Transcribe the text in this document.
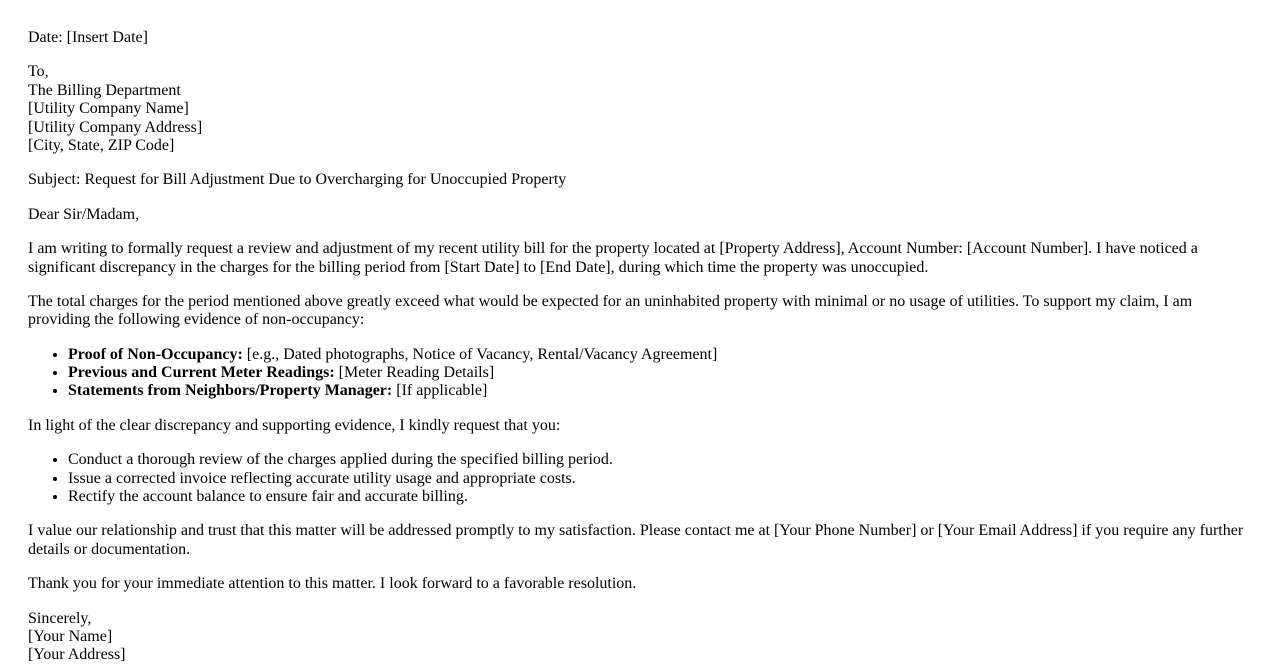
Date: [Insert Date]

To,
The Billing Department
[Utility Company Name]
[Utility Company Address]
[City, State, ZIP Code]

Subject: Request for Bill Adjustment Due to Overcharging for Unoccupied Property

Dear Sir/Madam,

I am writing to formally request a review and adjustment of my recent utility bill for the property located at [Property Address], Account Number: [Account Number]. I have noticed a significant discrepancy in the charges for the billing period from [Start Date] to [End Date], during which time the property was unoccupied.

The total charges for the period mentioned above greatly exceed what would be expected for an uninhabited property with minimal or no usage of utilities. To support my claim, I am providing the following evidence of non-occupancy:

• Proof of Non-Occupancy: [e.g., Dated photographs, Notice of Vacancy, Rental/Vacancy Agreement]
• Previous and Current Meter Readings: [Meter Reading Details]
• Statements from Neighbors/Property Manager: [If applicable]

In light of the clear discrepancy and supporting evidence, I kindly request that you:

• Conduct a thorough review of the charges applied during the specified billing period.
• Issue a corrected invoice reflecting accurate utility usage and appropriate costs.
• Rectify the account balance to ensure fair and accurate billing.

I value our relationship and trust that this matter will be addressed promptly to my satisfaction. Please contact me at [Your Phone Number] or [Your Email Address] if you require any further details or documentation.

Thank you for your immediate attention to this matter. I look forward to a favorable resolution.

Sincerely,
[Your Name]
[Your Address]
